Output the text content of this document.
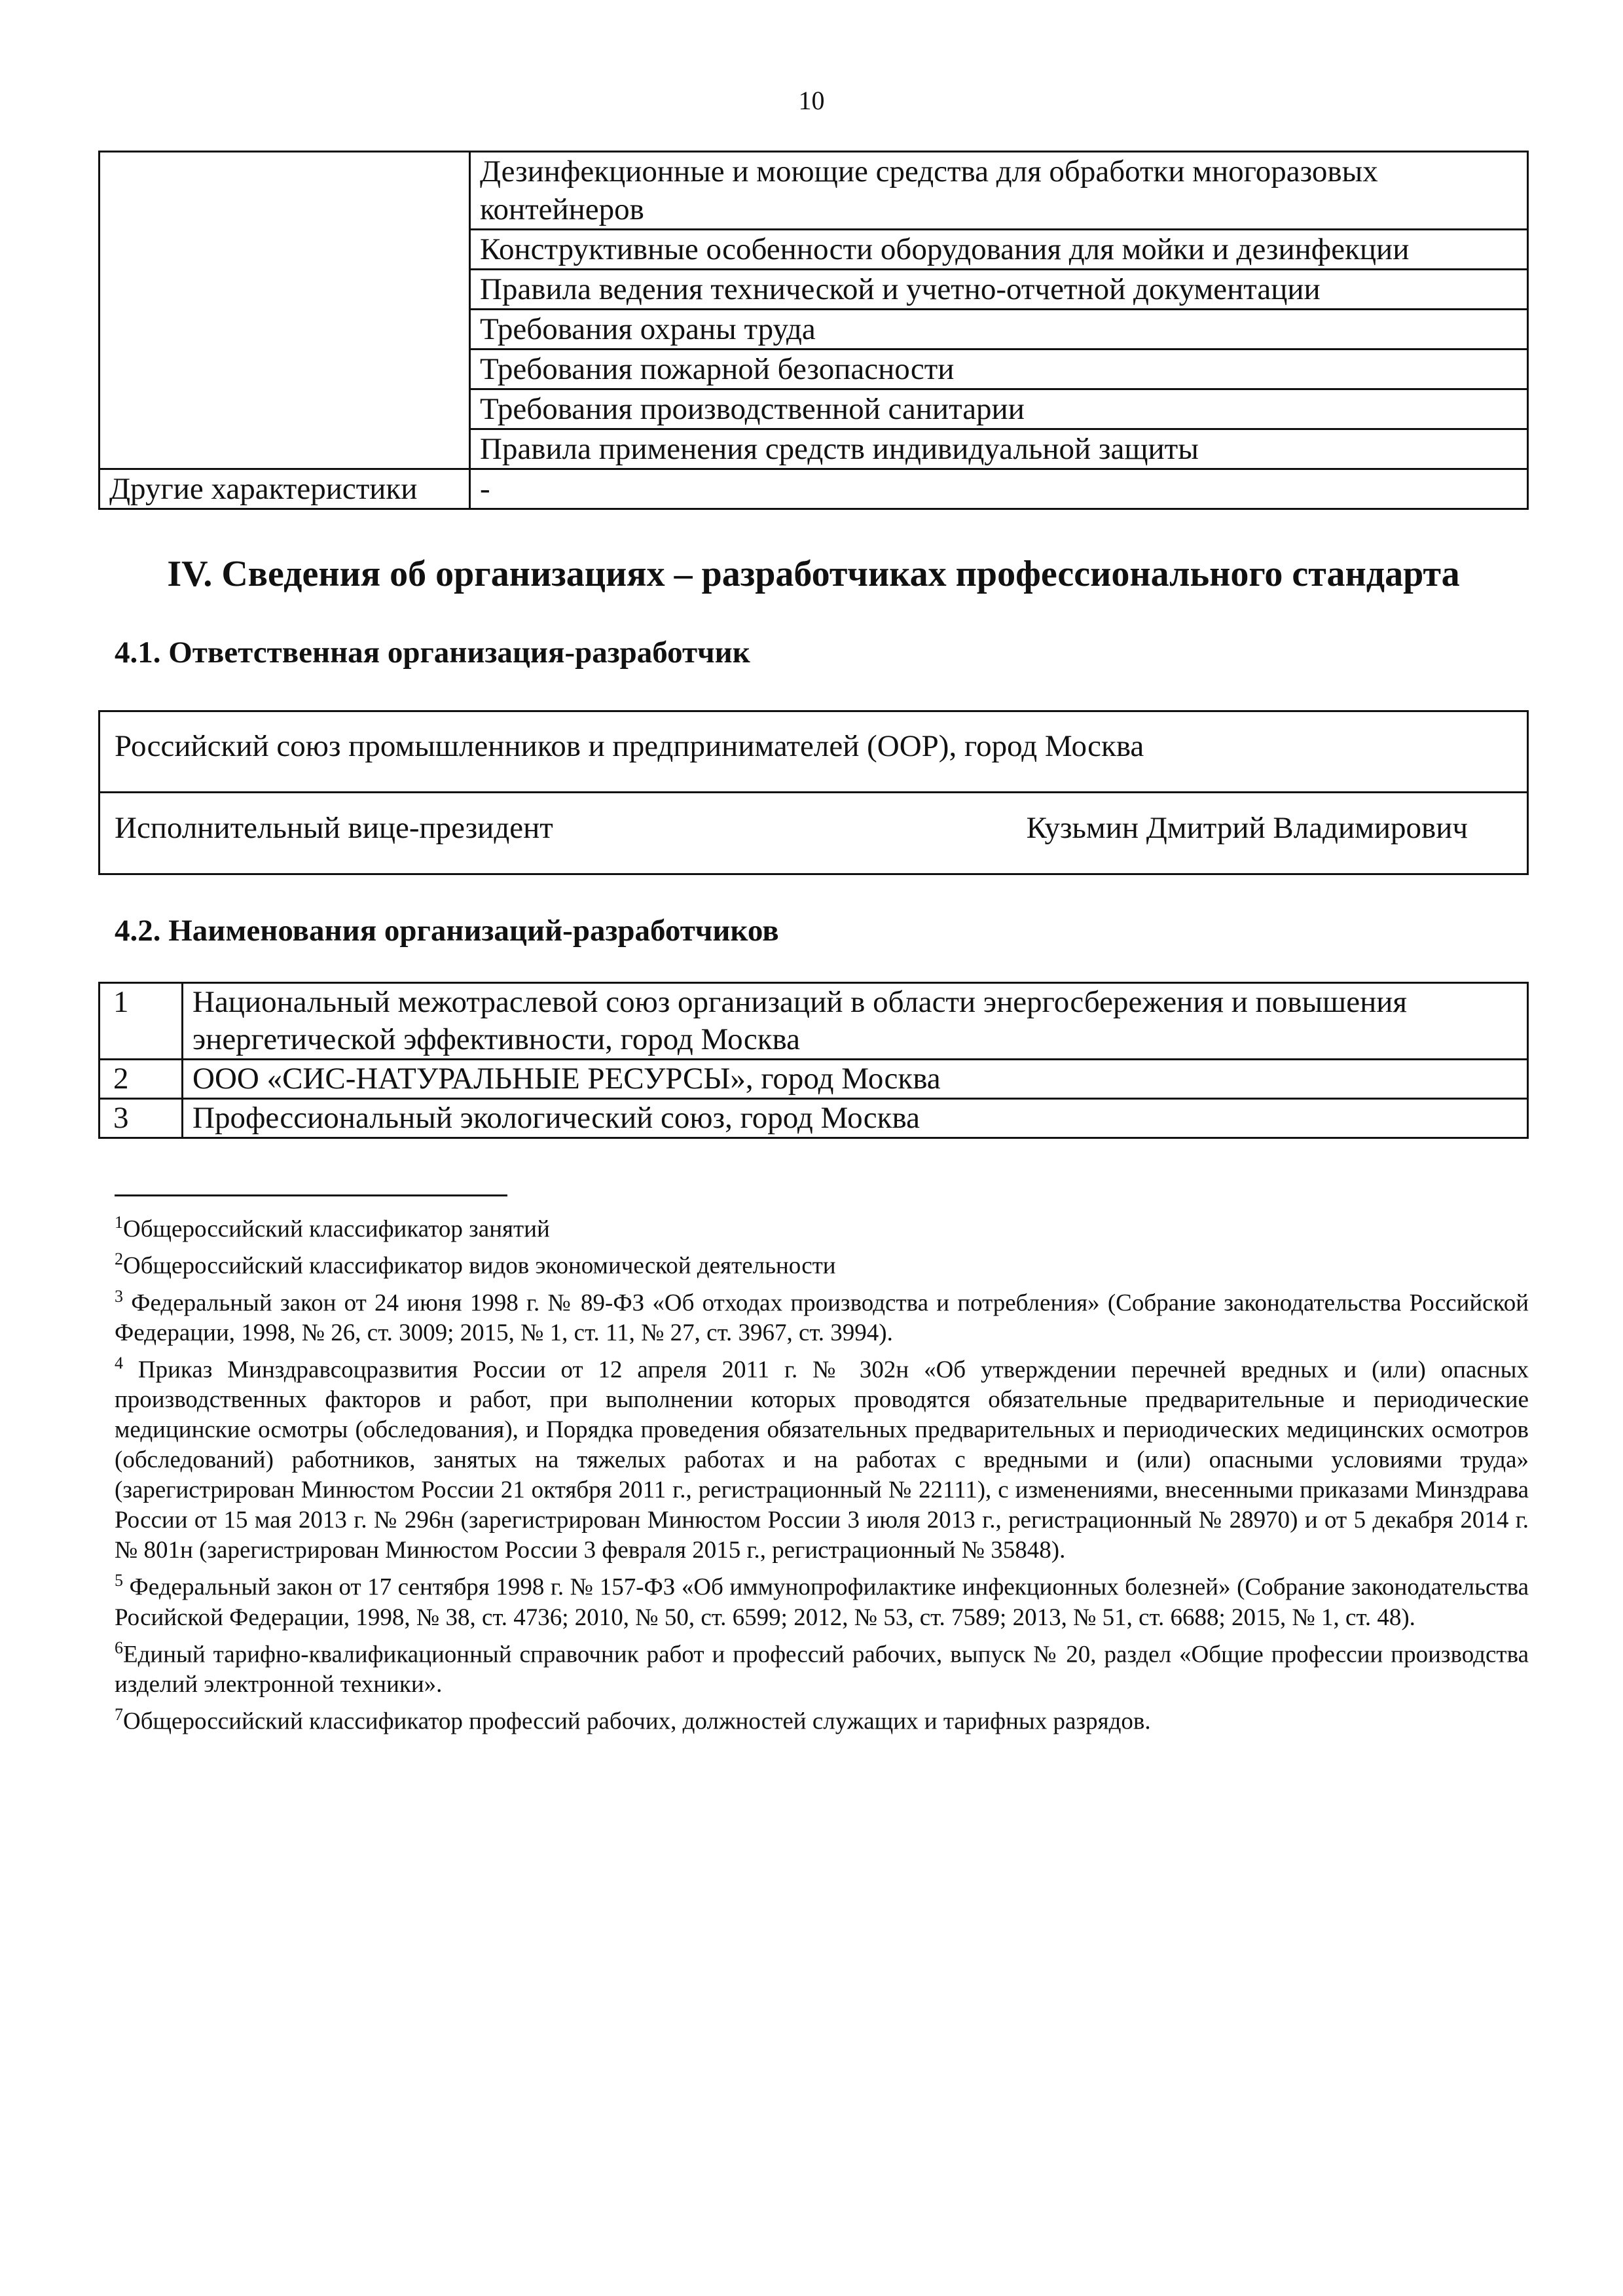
10
	Дезинфекционные и моющие средства для обработки многоразовых контейнеров
	Конструктивные особенности оборудования для мойки и дезинфекции
	Правила ведения технической и учетно-отчетной документации
	Требования охраны труда
	Требования пожарной безопасности
	Требования производственной санитарии
	Правила применения средств индивидуальной защиты
Другие характеристики	-
IV. Сведения об организациях – разработчиках профессионального стандарта
4.1. Ответственная организация-разработчик
Российский союз промышленников и предпринимателей (ООР), город Москва
Исполнительный вице-президент	Кузьмин Дмитрий Владимирович
4.2. Наименования организаций-разработчиков
1	Национальный межотраслевой союз организаций в области энергосбережения и повышения энергетической эффективности, город Москва
2	ООО «СИС-НАТУРАЛЬНЫЕ РЕСУРСЫ», город Москва
3	Профессиональный экологический союз, город Москва

$^1$Общероссийский классификатор занятий

$^2$Общероссийский классификатор видов экономической деятельности

$^3$ Федеральный закон от 24 июня 1998 г. № 89-ФЗ «Об отходах производства и потребления» (Собрание законодательства Российской Федерации, 1998, № 26, ст. 3009; 2015, № 1, ст. 11, № 27, ст. 3967, ст. 3994).

$^4$ Приказ Минздравсоцразвития России от 12 апреля 2011 г. № 302н «Об утверждении перечней вредных и (или) опасных производственных факторов и работ, при выполнении которых проводятся обязательные предварительные и периодические медицинские осмотры (обследования), и Порядка проведения обязательных предварительных и периодических медицинских осмотров (обследований) работников, занятых на тяжелых работах и на работах с вредными и (или) опасными условиями труда» (зарегистрирован Минюстом России 21 октября 2011 г., регистрационный № 22111), с изменениями, внесенными приказами Минздрава России от 15 мая 2013 г. № 296н (зарегистрирован Минюстом России 3 июля 2013 г., регистрационный № 28970) и от 5 декабря 2014 г. № 801н (зарегистрирован Минюстом России 3 февраля 2015 г., регистрационный № 35848).

$^5$ Федеральный закон от 17 сентября 1998 г. № 157-ФЗ «Об иммунопрофилактике инфекционных болезней» (Собрание законодательства Росийской Федерации, 1998, № 38, ст. 4736; 2010, № 50, ст. 6599; 2012, № 53, ст. 7589; 2013, № 51, ст. 6688; 2015, № 1, ст. 48).

$^6$Единый тарифно-квалификационный справочник работ и профессий рабочих, выпуск № 20, раздел «Общие профессии производства изделий электронной техники».

$^7$Общероссийский классификатор профессий рабочих, должностей служащих и тарифных разрядов.
